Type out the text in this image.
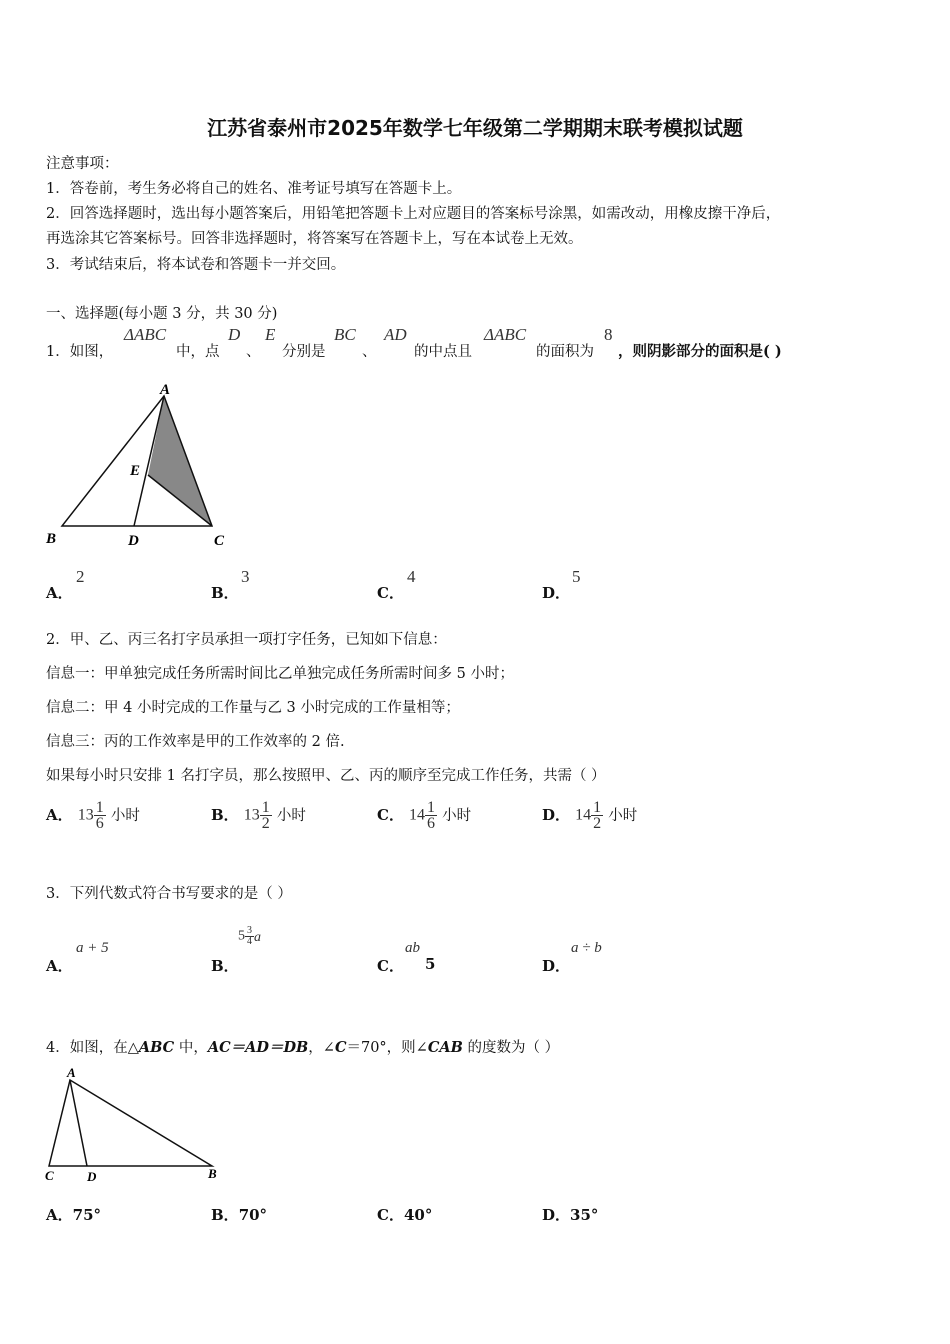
江苏省泰州市2025年数学七年级第二学期期末联考模拟试题
注意事项：
1．答卷前，考生务必将自己的姓名、准考证号填写在答题卡上。
2．回答选择题时，选出每小题答案后，用铅笔把答题卡上对应题目的答案标号涂黑，如需改动，用橡皮擦干净后，
再选涂其它答案标号。回答非选择题时，将答案写在答题卡上，写在本试卷上无效。
3．考试结束后，将本试卷和答题卡一并交回。
一、选择题(每小题 3 分，共 30 分)
1．如图，
ΔABC
中，点
D
、
E
分别是
BC
、
AD
的中点且
ΔABC
的面积为
8
，则阴影部分的面积是( )
A
B	D	C
E
A．
2
B．
3
C．
4
D．
5
2．甲、乙、丙三名打字员承担一项打字任务，已知如下信息：
信息一：甲单独完成任务所需时间比乙单独完成任务所需时间多 5 小时；
信息二：甲 4 小时完成的工作量与乙 3 小时完成的工作量相等；
信息三：丙的工作效率是甲的工作效率的 2 倍.
如果每小时只安排 1 名打字员，那么按照甲、乙、丙的顺序至完成工作任务，共需（ ）
A． $13 \frac{1}{6}$ 小时	B． $13 \frac{1}{2}$ 小时	C． $14 \frac{1}{6}$ 小时	D． $14 \frac{1}{2}$ 小时
3．下列代数式符合书写要求的是（ ）
A．
a + 5
B．
$5 \frac{3}{4}$ a
C．
ab
5	D．
a ÷ b
4．如图，在△ABC 中，AC＝AD＝DB，∠C＝70°，则∠CAB 的度数为（ ）
A
C	D	B
A．75°	B．70°	C．40°	D．35°
